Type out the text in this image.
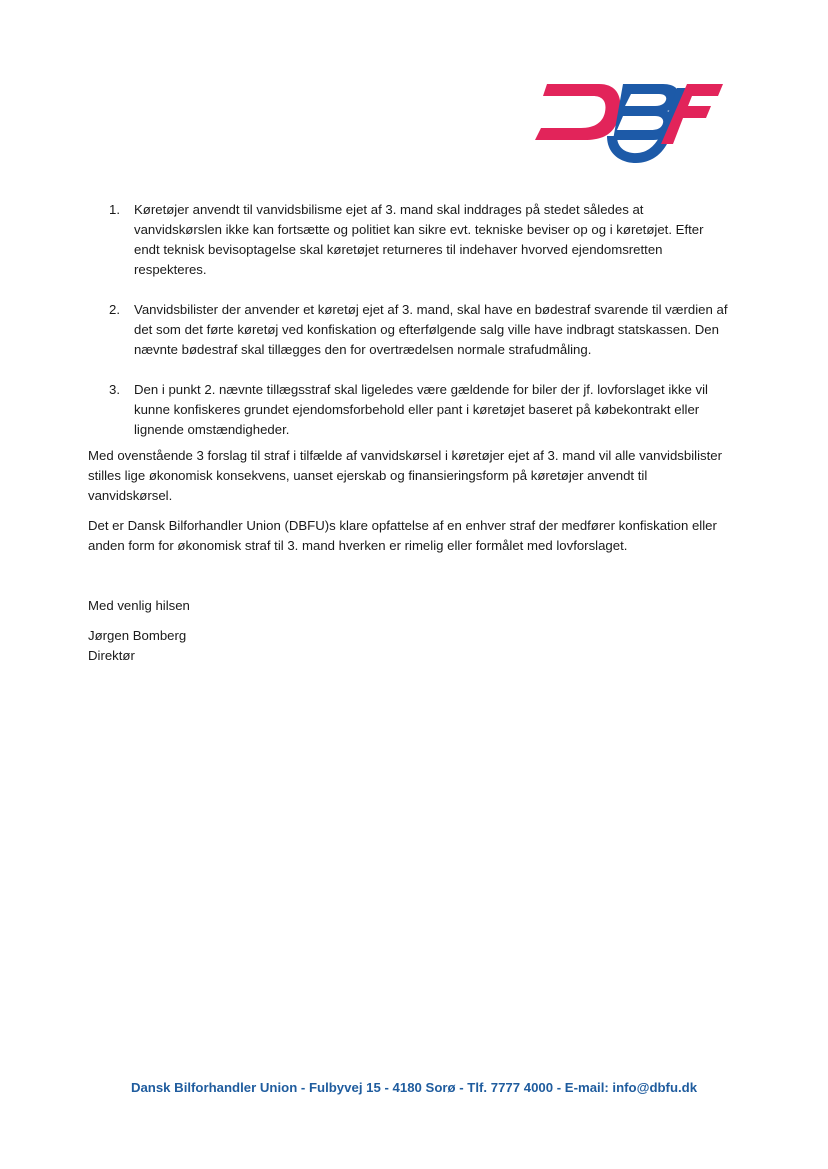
DBF
1. Køretøjer anvendt til vanvidsbilisme ejet af 3. mand skal inddrages på stedet således at vanvidskørslen ikke kan fortsætte og politiet kan sikre evt. tekniske beviser op og i køretøjet. Efter endt teknisk bevisoptagelse skal køretøjet returneres til indehaver hvorved ejendomsretten respekteres.
2. Vanvidsbilister der anvender et køretøj ejet af 3. mand, skal have en bødestraf svarende til værdien af det som det førte køretøj ved konfiskation og efterfølgende salg ville have indbragt statskassen. Den nævnte bødestraf skal tillægges den for overtrædelsen normale strafudmåling.
3. Den i punkt 2. nævnte tillægsstraf skal ligeledes være gældende for biler der jf. lovforslaget ikke vil kunne konfiskeres grundet ejendomsforbehold eller pant i køretøjet baseret på købekontrakt eller lignende omstændigheder.

Med ovenstående 3 forslag til straf i tilfælde af vanvidskørsel i køretøjer ejet af 3. mand vil alle vanvidsbilister stilles lige økonomisk konsekvens, uanset ejerskab og finansieringsform på køretøjer anvendt til vanvidskørsel.

Det er Dansk Bilforhandler Union (DBFU)s klare opfattelse af en enhver straf der medfører konfiskation eller anden form for økonomisk straf til 3. mand hverken er rimelig eller formålet med lovforslaget.

Med venlig hilsen
Jørgen Bomberg
Direktør
Dansk Bilforhandler Union - Fulbyvej 15 - 4180 Sorø - Tlf. 7777 4000 - E-mail: info@dbfu.dk
